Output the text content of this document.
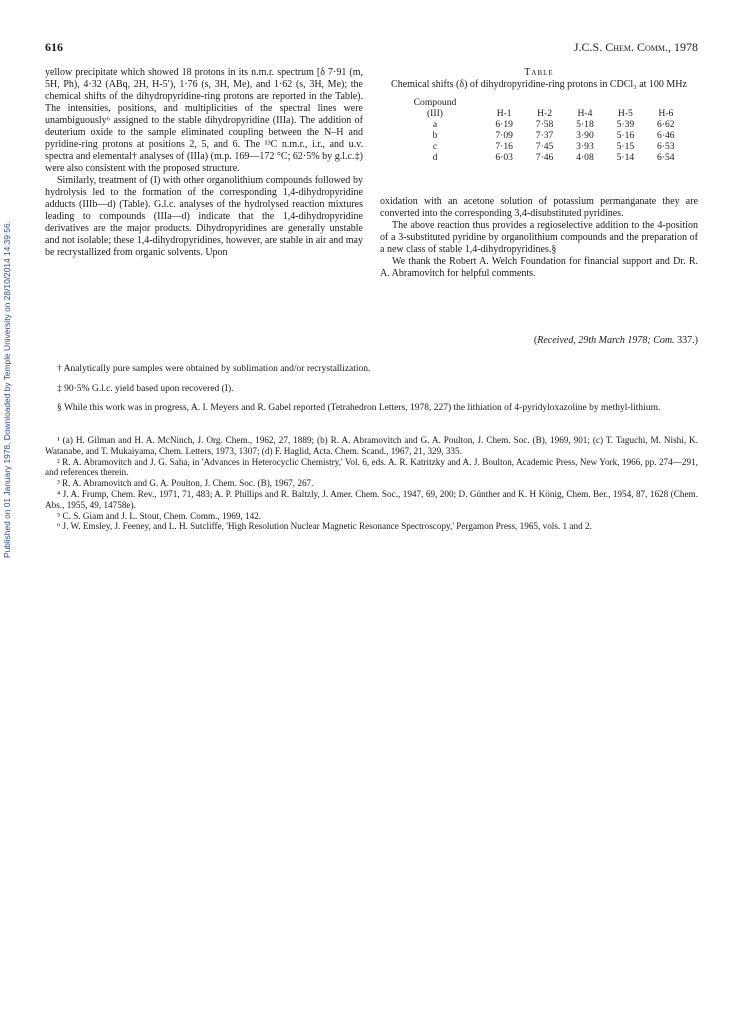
Published on 01 January 1978. Downloaded by Temple University on 28/10/2014 14:39:56.
616	J.C.S. Chem. Comm., 1978

yellow precipitate which showed 18 protons in its n.m.r. spectrum [δ 7·91 (m, 5H, Ph), 4·32 (ABq, 2H, H-5′), 1·76 (s, 3H, Me), and 1·62 (s, 3H, Me); the chemical shifts of the dihydropyridine-ring protons are reported in the Table). The intensities, positions, and multiplicities of the spectral lines were unambiguously⁶ assigned to the stable dihydropyridine (IIIa). The addition of deuterium oxide to the sample eliminated coupling between the N–H and pyridine-ring protons at positions 2, 5, and 6. The ¹³C n.m.r., i.r., and u.v. spectra and elemental† analyses of (IIIa) (m.p. 169—172 °C; 62·5% by g.l.c.‡) were also consistent with the proposed structure.

Similarly, treatment of (I) with other organolithium compounds followed by hydrolysis led to the formation of the corresponding 1,4-dihydropyridine adducts (IIIb—d) (Table). G.l.c. analyses of the hydrolysed reaction mixtures leading to compounds (IIIa—d) indicate that the 1,4-dihydropyridine derivatives are the major products. Dihydropyridines are generally unstable and not isolable; these 1,4-dihydropyridines, however, are stable in air and may be recrystallized from organic solvents. Upon

Table
Chemical shifts (δ) of dihydropyridine-ring protons in CDCl₃ at 100 MHz
Compound
(III)	H-1	H-2	H-4	H-5	H-6
a	6·19	7·58	5·18	5·39	6·62
b	7·09	7·37	3·90	5·16	6·46
c	7·16	7·45	3·93	5·15	6·53
d	6·03	7·46	4·08	5·14	6·54

oxidation with an acetone solution of potassium permanganate they are converted into the corresponding 3,4-disubstituted pyridines.

The above reaction thus provides a regioselective addition to the 4-position of a 3-substituted pyridine by organolithium compounds and the preparation of a new class of stable 1,4-dihydropyridines.§

We thank the Robert A. Welch Foundation for financial support and Dr. R. A. Abramovitch for helpful comments.

(Received, 29th March 1978; Com. 337.)

† Analytically pure samples were obtained by sublimation and/or recrystallization.

‡ 90·5% G.l.c. yield based upon recovered (I).

§ While this work was in progress, A. I. Meyers and R. Gabel reported (Tetrahedron Letters, 1978, 227) the lithiation of 4-pyridyloxazoline by methyl-lithium.

¹ (a) H. Gilman and H. A. McNinch, J. Org. Chem., 1962, 27, 1889; (b) R. A. Abramovitch and G. A. Poulton, J. Chem. Soc. (B), 1969, 901; (c) T. Taguchi, M. Nishi, K. Watanabe, and T. Mukaiyama, Chem. Letters, 1973, 1307; (d) F. Haglid, Acta. Chem. Scand., 1967, 21, 329, 335.

² R. A. Abramovitch and J. G. Saha, in 'Advances in Heterocyclic Chemistry,' Vol. 6, eds. A. R. Katritzky and A. J. Boulton, Academic Press, New York, 1966, pp. 274—291, and references therein.

³ R. A. Abramovitch and G. A. Poulton, J. Chem. Soc. (B), 1967, 267.

⁴ J. A. Frump, Chem. Rev., 1971, 71, 483; A. P. Phillips and R. Baltzly, J. Amer. Chem. Soc., 1947, 69, 200; D. Günther and K. H König, Chem. Ber., 1954, 87, 1628 (Chem. Abs., 1955, 49, 14758e).

⁵ C. S. Giam and J. L. Stout, Chem. Comm., 1969, 142.

⁶ J. W. Emsley, J. Feeney, and L. H. Sutcliffe, 'High Resolution Nuclear Magnetic Resonance Spectroscopy,' Pergamon Press, 1965, vols. 1 and 2.
